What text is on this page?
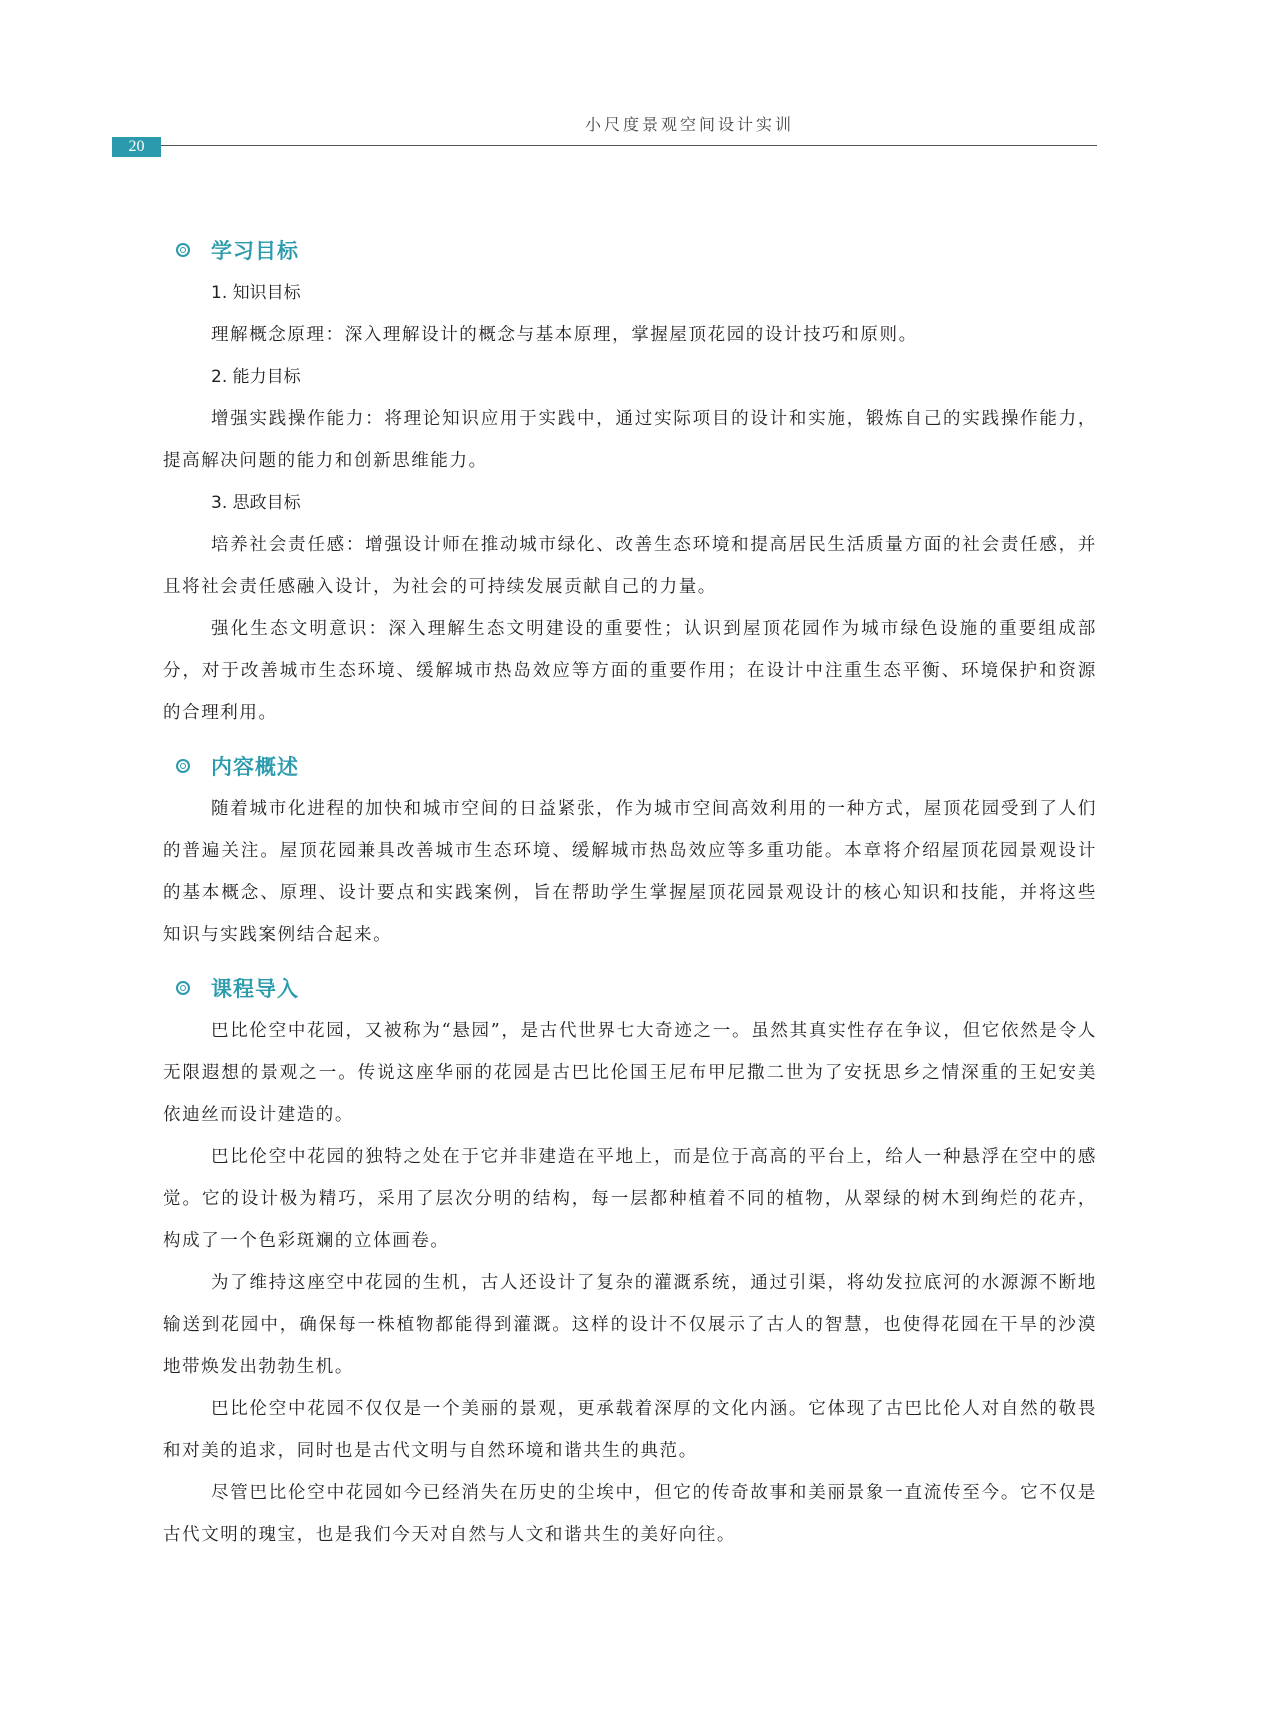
小尺度景观空间设计实训
20
学习目标
1. 知识目标

理解概念原理：深入理解设计的概念与基本原理，掌握屋顶花园的设计技巧和原则。

2. 能力目标

增强实践操作能力：将理论知识应用于实践中，通过实际项目的设计和实施，锻炼自己的实践操作能力，提高解决问题的能力和创新思维能力。

3. 思政目标

培养社会责任感：增强设计师在推动城市绿化、改善生态环境和提高居民生活质量方面的社会责任感，并且将社会责任感融入设计，为社会的可持续发展贡献自己的力量。

强化生态文明意识：深入理解生态文明建设的重要性；认识到屋顶花园作为城市绿色设施的重要组成部分，对于改善城市生态环境、缓解城市热岛效应等方面的重要作用；在设计中注重生态平衡、环境保护和资源的合理利用。

内容概述

随着城市化进程的加快和城市空间的日益紧张，作为城市空间高效利用的一种方式，屋顶花园受到了人们的普遍关注。屋顶花园兼具改善城市生态环境、缓解城市热岛效应等多重功能。本章将介绍屋顶花园景观设计的基本概念、原理、设计要点和实践案例，旨在帮助学生掌握屋顶花园景观设计的核心知识和技能，并将这些知识与实践案例结合起来。

课程导入

巴比伦空中花园，又被称为“悬园”，是古代世界七大奇迹之一。虽然其真实性存在争议，但它依然是令人无限遐想的景观之一。传说这座华丽的花园是古巴比伦国王尼布甲尼撒二世为了安抚思乡之情深重的王妃安美依迪丝而设计建造的。

巴比伦空中花园的独特之处在于它并非建造在平地上，而是位于高高的平台上，给人一种悬浮在空中的感觉。它的设计极为精巧，采用了层次分明的结构，每一层都种植着不同的植物，从翠绿的树木到绚烂的花卉，构成了一个色彩斑斓的立体画卷。

为了维持这座空中花园的生机，古人还设计了复杂的灌溉系统，通过引渠，将幼发拉底河的水源源不断地输送到花园中，确保每一株植物都能得到灌溉。这样的设计不仅展示了古人的智慧，也使得花园在干旱的沙漠地带焕发出勃勃生机。

巴比伦空中花园不仅仅是一个美丽的景观，更承载着深厚的文化内涵。它体现了古巴比伦人对自然的敬畏和对美的追求，同时也是古代文明与自然环境和谐共生的典范。

尽管巴比伦空中花园如今已经消失在历史的尘埃中，但它的传奇故事和美丽景象一直流传至今。它不仅是古代文明的瑰宝，也是我们今天对自然与人文和谐共生的美好向往。
